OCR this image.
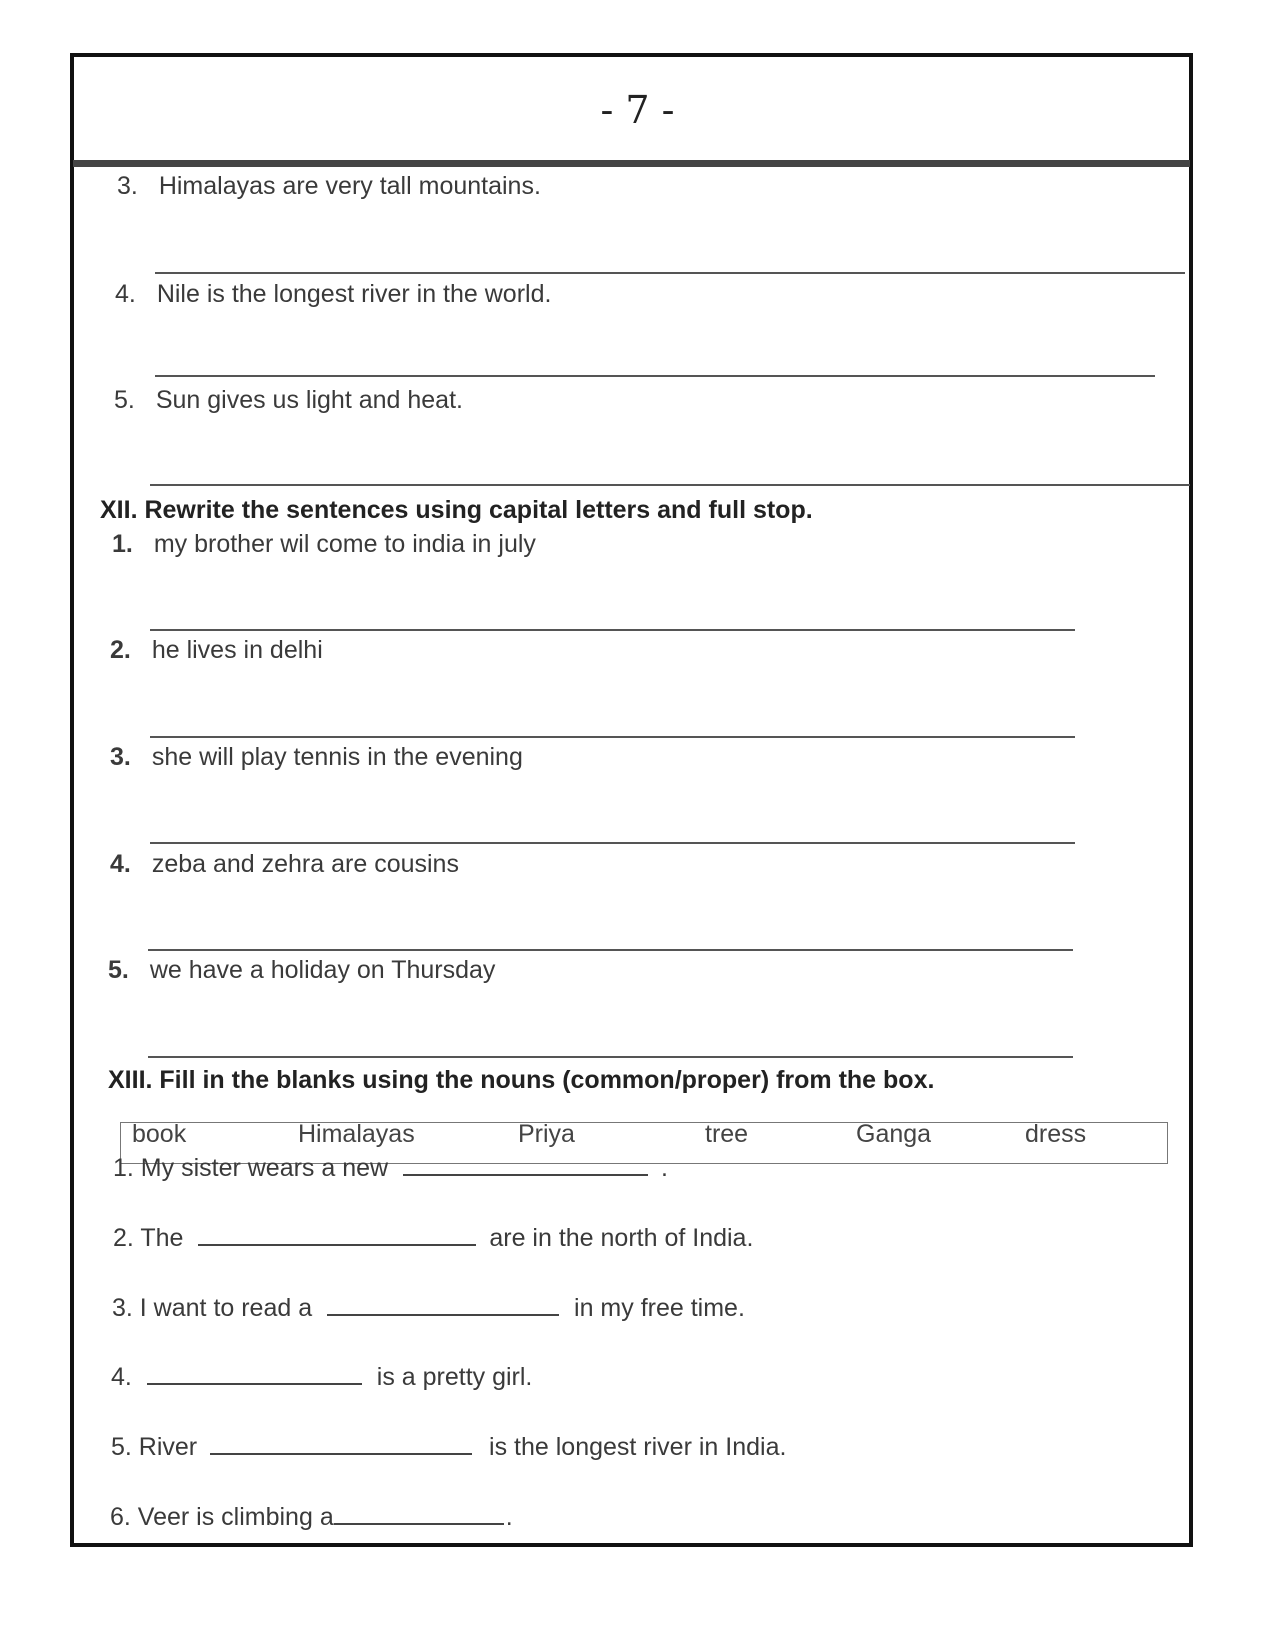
- 7 -
3. Himalayas are very tall mountains.
4. Nile is the longest river in the world.
5. Sun gives us light and heat.
XII. Rewrite the sentences using capital letters and full stop.
1. my brother wil come to india in july
2. he lives in delhi
3. she will play tennis in the evening
4. zeba and zehra are cousins
5. we have a holiday on Thursday
XIII. Fill in the blanks using the nouns (common/proper) from the box.
book	Himalayas	Priya	tree	Ganga	dress
1. My sister wears a new	.
2. The	are in the north of India.
3. I want to read a	in my free time.
4.	is a pretty girl.
5. River	is the longest river in India.
6. Veer is climbing a	.
